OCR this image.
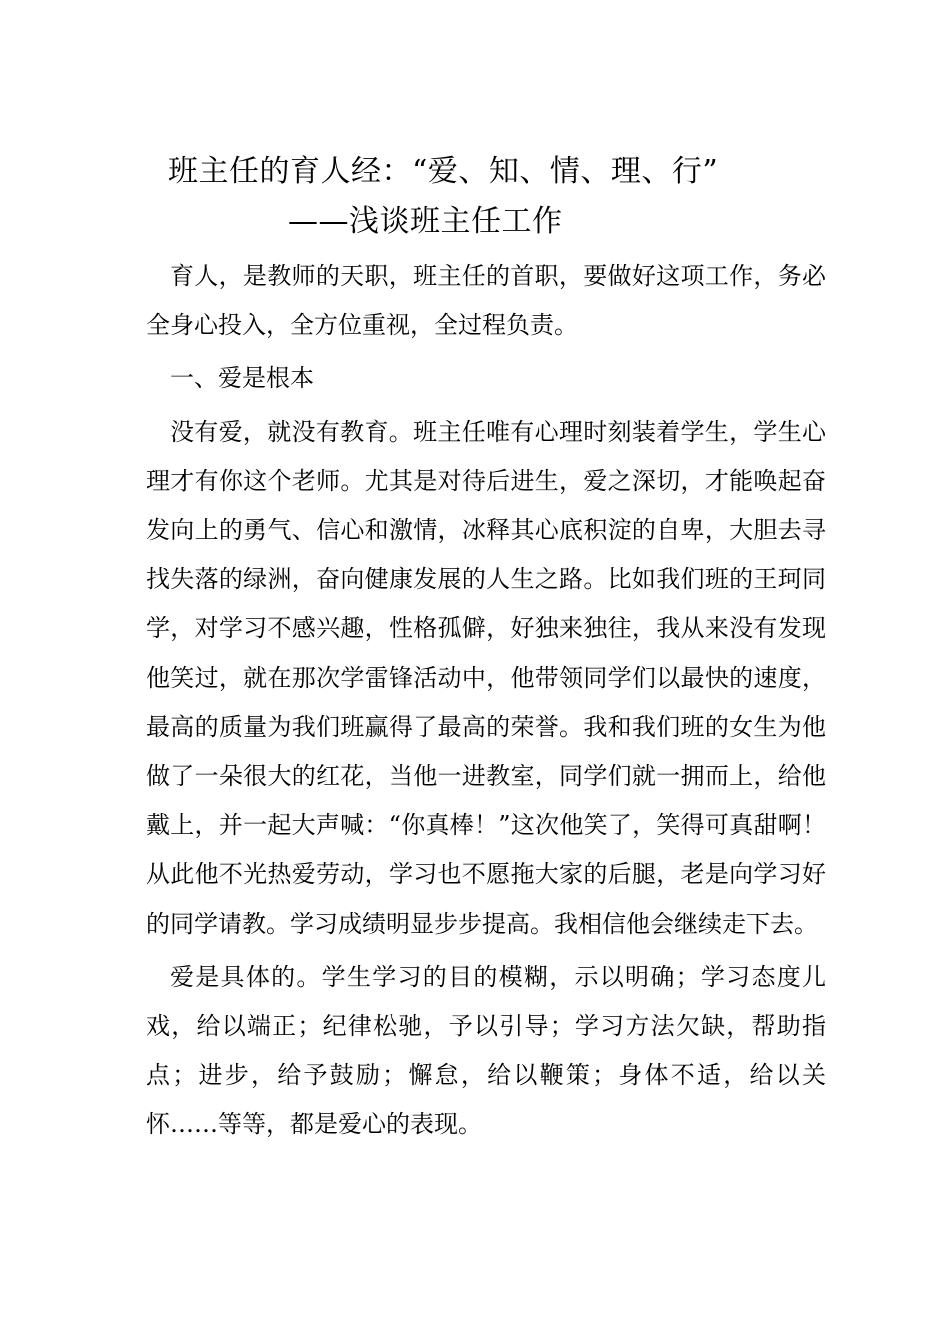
班主任的育人经：“爱、知、情、理、行”
——浅谈班主任工作

育人，是教师的天职，班主任的首职，要做好这项工作，务必全身心投入，全方位重视，全过程负责。

一、爱是根本

没有爱，就没有教育。班主任唯有心理时刻装着学生，学生心理才有你这个老师。尤其是对待后进生，爱之深切，才能唤起奋发向上的勇气、信心和激情，冰释其心底积淀的自卑，大胆去寻找失落的绿洲，奋向健康发展的人生之路。比如我们班的王珂同学，对学习不感兴趣，性格孤僻，好独来独往，我从来没有发现他笑过，就在那次学雷锋活动中，他带领同学们以最快的速度，最高的质量为我们班赢得了最高的荣誉。我和我们班的女生为他做了一朵很大的红花，当他一进教室，同学们就一拥而上，给他戴上，并一起大声喊：“你真棒！”这次他笑了，笑得可真甜啊！从此他不光热爱劳动，学习也不愿拖大家的后腿，老是向学习好的同学请教。学习成绩明显步步提高。我相信他会继续走下去。

爱是具体的。学生学习的目的模糊，示以明确；学习态度儿戏，给以端正；纪律松驰，予以引导；学习方法欠缺，帮助指点；进步，给予鼓励；懈怠，给以鞭策；身体不适，给以关怀……等等，都是爱心的表现。
